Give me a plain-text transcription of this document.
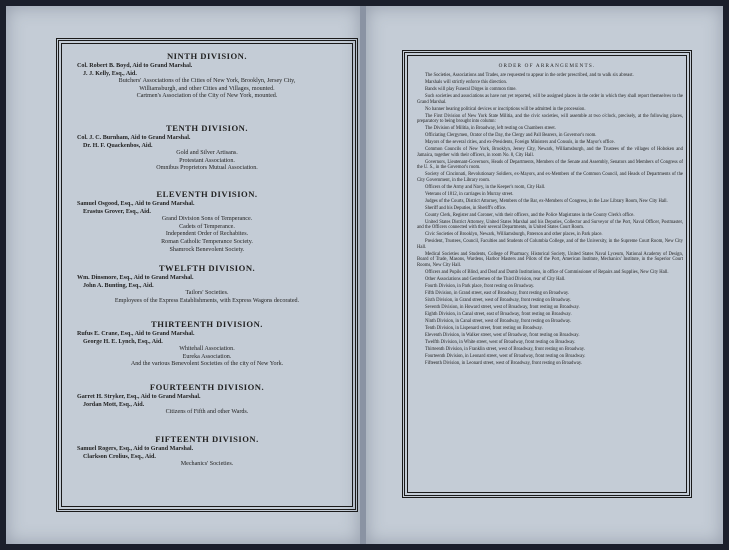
NINTH DIVISION.
Col. Robert B. Boyd, Aid to Grand Marshal.
J. J. Kelly, Esq., Aid.
Butchers' Associations of the Cities of New York, Brooklyn, Jersey City,
Williamsburgh, and other Cities and Villages, mounted.
Cartmen's Association of the City of New York, mounted.
TENTH DIVISION.
Col. J. C. Burnham, Aid to Grand Marshal.
Dr. H. F. Quackenbos, Aid.
Gold and Silver Artisans.
Protestant Association.
Omnibus Proprietors Mutual Association.
ELEVENTH DIVISION.
Samuel Osgood, Esq., Aid to Grand Marshal.
Erastus Grover, Esq., Aid.
Grand Division Sons of Temperance.
Cadets of Temperance.
Independent Order of Rechabites.
Roman Catholic Temperance Society.
Shamrock Benevolent Society.
TWELFTH DIVISION.
Wm. Dinsmore, Esq., Aid to Grand Marshal.
John A. Bunting, Esq., Aid.
Tailors' Societies.
Employees of the Express Establishments, with Express Wagons decorated.
THIRTEENTH DIVISION.
Rufus E. Crane, Esq., Aid to Grand Marshal.
George H. E. Lynch, Esq., Aid.
Whitehall Association.
Eureka Association.
And the various Benevolent Societies of the city of New York.
FOURTEENTH DIVISION.
Garret H. Stryker, Esq., Aid to Grand Marshal.
Jordan Mott, Esq., Aid.
Citizens of Fifth and other Wards.
FIFTEENTH DIVISION.
Samuel Rogers, Esq., Aid to Grand Marshal.
Clarkson Crolius, Esq., Aid.
Mechanics' Societies.
ORDER OF ARRANGEMENTS.
The Societies, Associations and Trades, are requested to appear in the order prescribed, and to walk six abreast.
Marshals will strictly enforce this direction.
Bands will play Funeral Dirges in common time.
Such societies and associations as have not yet reported, will be assigned places in the order in which they shall report themselves to the Grand Marshal.
No banner bearing political devices or inscriptions will be admitted in the procession.
The First Division of New York State Militia, and the civic societies, will assemble at two o'clock, precisely, at the following places, preparatory to being brought into column:
The Division of Militia, in Broadway, left resting on Chambers street.
Officiating Clergymen, Orator of the Day, the Clergy and Pall Bearers, in Governor's room.
Mayors of the several cities, and ex-Presidents, Foreign Ministers and Consuls, in the Mayor's office.
Common Councils of New York, Brooklyn, Jersey City, Newark, Williamsburgh, and the Trustees of the villages of Hoboken and Jamaica, together with their officers, in room No. 8, City Hall.
Governors, Lieutenant-Governors, Heads of Departments, Members of the Senate and Assembly, Senators and Members of Congress of the U. S., in the Governor's room.
Society of Cincinnati, Revolutionary Soldiers, ex-Mayors, and ex-Members of the Common Council, and Heads of Departments of the City Government, in the Library room.
Officers of the Army and Navy, in the Keeper's room, City Hall.
Veterans of 1812, in carriages in Murray street.
Judges of the Courts, District Attorney, Members of the Bar, ex-Members of Congress, in the Law Library Room, New City Hall.
Sheriff and his Deputies, in Sheriff's office.
County Clerk, Register and Coroner, with their officers, and the Police Magistrates in the County Clerk's office.
United States District Attorney, United States Marshal and his Deputies, Collector and Surveyor of the Port, Naval Officer, Postmaster, and the Officers connected with their several Departments, in United States Court Room.
Civic Societies of Brooklyn, Newark, Williamsburgh, Paterson and other places, in Park place.
President, Trustees, Council, Faculties and Students of Columbia College, and of the University, in the Supreme Court Room, New City Hall.
Medical Societies and Students, College of Pharmacy, Historical Society, United States Naval Lyceum, National Academy of Design, Board of Trade, Masons, Wardens, Harbor Masters and Pilots of the Port, American Institute, Mechanics' Institute, in the Superior Court Rooms, New City Hall.
Officers and Pupils of Blind, and Deaf and Dumb Institutions, in office of Commissioner of Repairs and Supplies, New City Hall.
Other Associations and Gentlemen of the Third Division, rear of City Hall.
Fourth Division, in Park place, front resting on Broadway.
Fifth Division, in Grand street, east of Broadway, front resting on Broadway.
Sixth Division, in Grand street, west of Broadway, front resting on Broadway.
Seventh Division, in Howard street, west of Broadway, front resting on Broadway.
Eighth Division, in Canal street, east of Broadway, front resting on Broadway.
Ninth Division, in Canal street, west of Broadway, front resting on Broadway.
Tenth Division, in Lispenard street, front resting on Broadway.
Eleventh Division, in Walker street, west of Broadway, front resting on Broadway.
Twelfth Division, in White street, west of Broadway, front resting on Broadway.
Thirteenth Division, in Franklin street, west of Broadway, front resting on Broadway.
Fourteenth Division, in Leonard street, west of Broadway, front resting on Broadway.
Fifteenth Division, in Leonard street, west of Broadway, front resting on Broadway.
